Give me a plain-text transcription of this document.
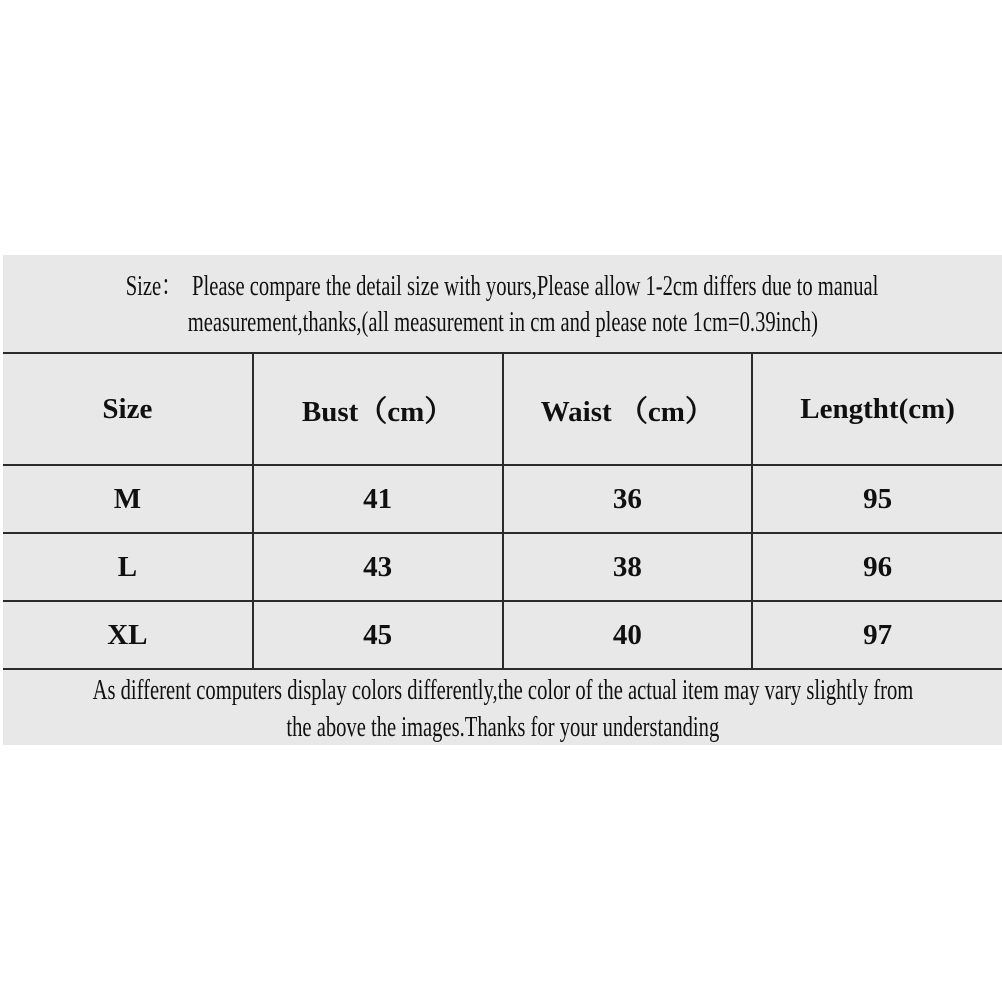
Size：  Please compare the detail size with yours,Please allow 1-2cm differs due to manual
measurement,thanks,(all measurement in cm and please note 1cm=0.39inch)
Size	Bust（cm）	Waist （cm）	Lengtht(cm)
M	41	36	95
L	43	38	96
XL	45	40	97
As different computers display colors differently,the color of the actual item may vary slightly from
the above the images.Thanks for your understanding
